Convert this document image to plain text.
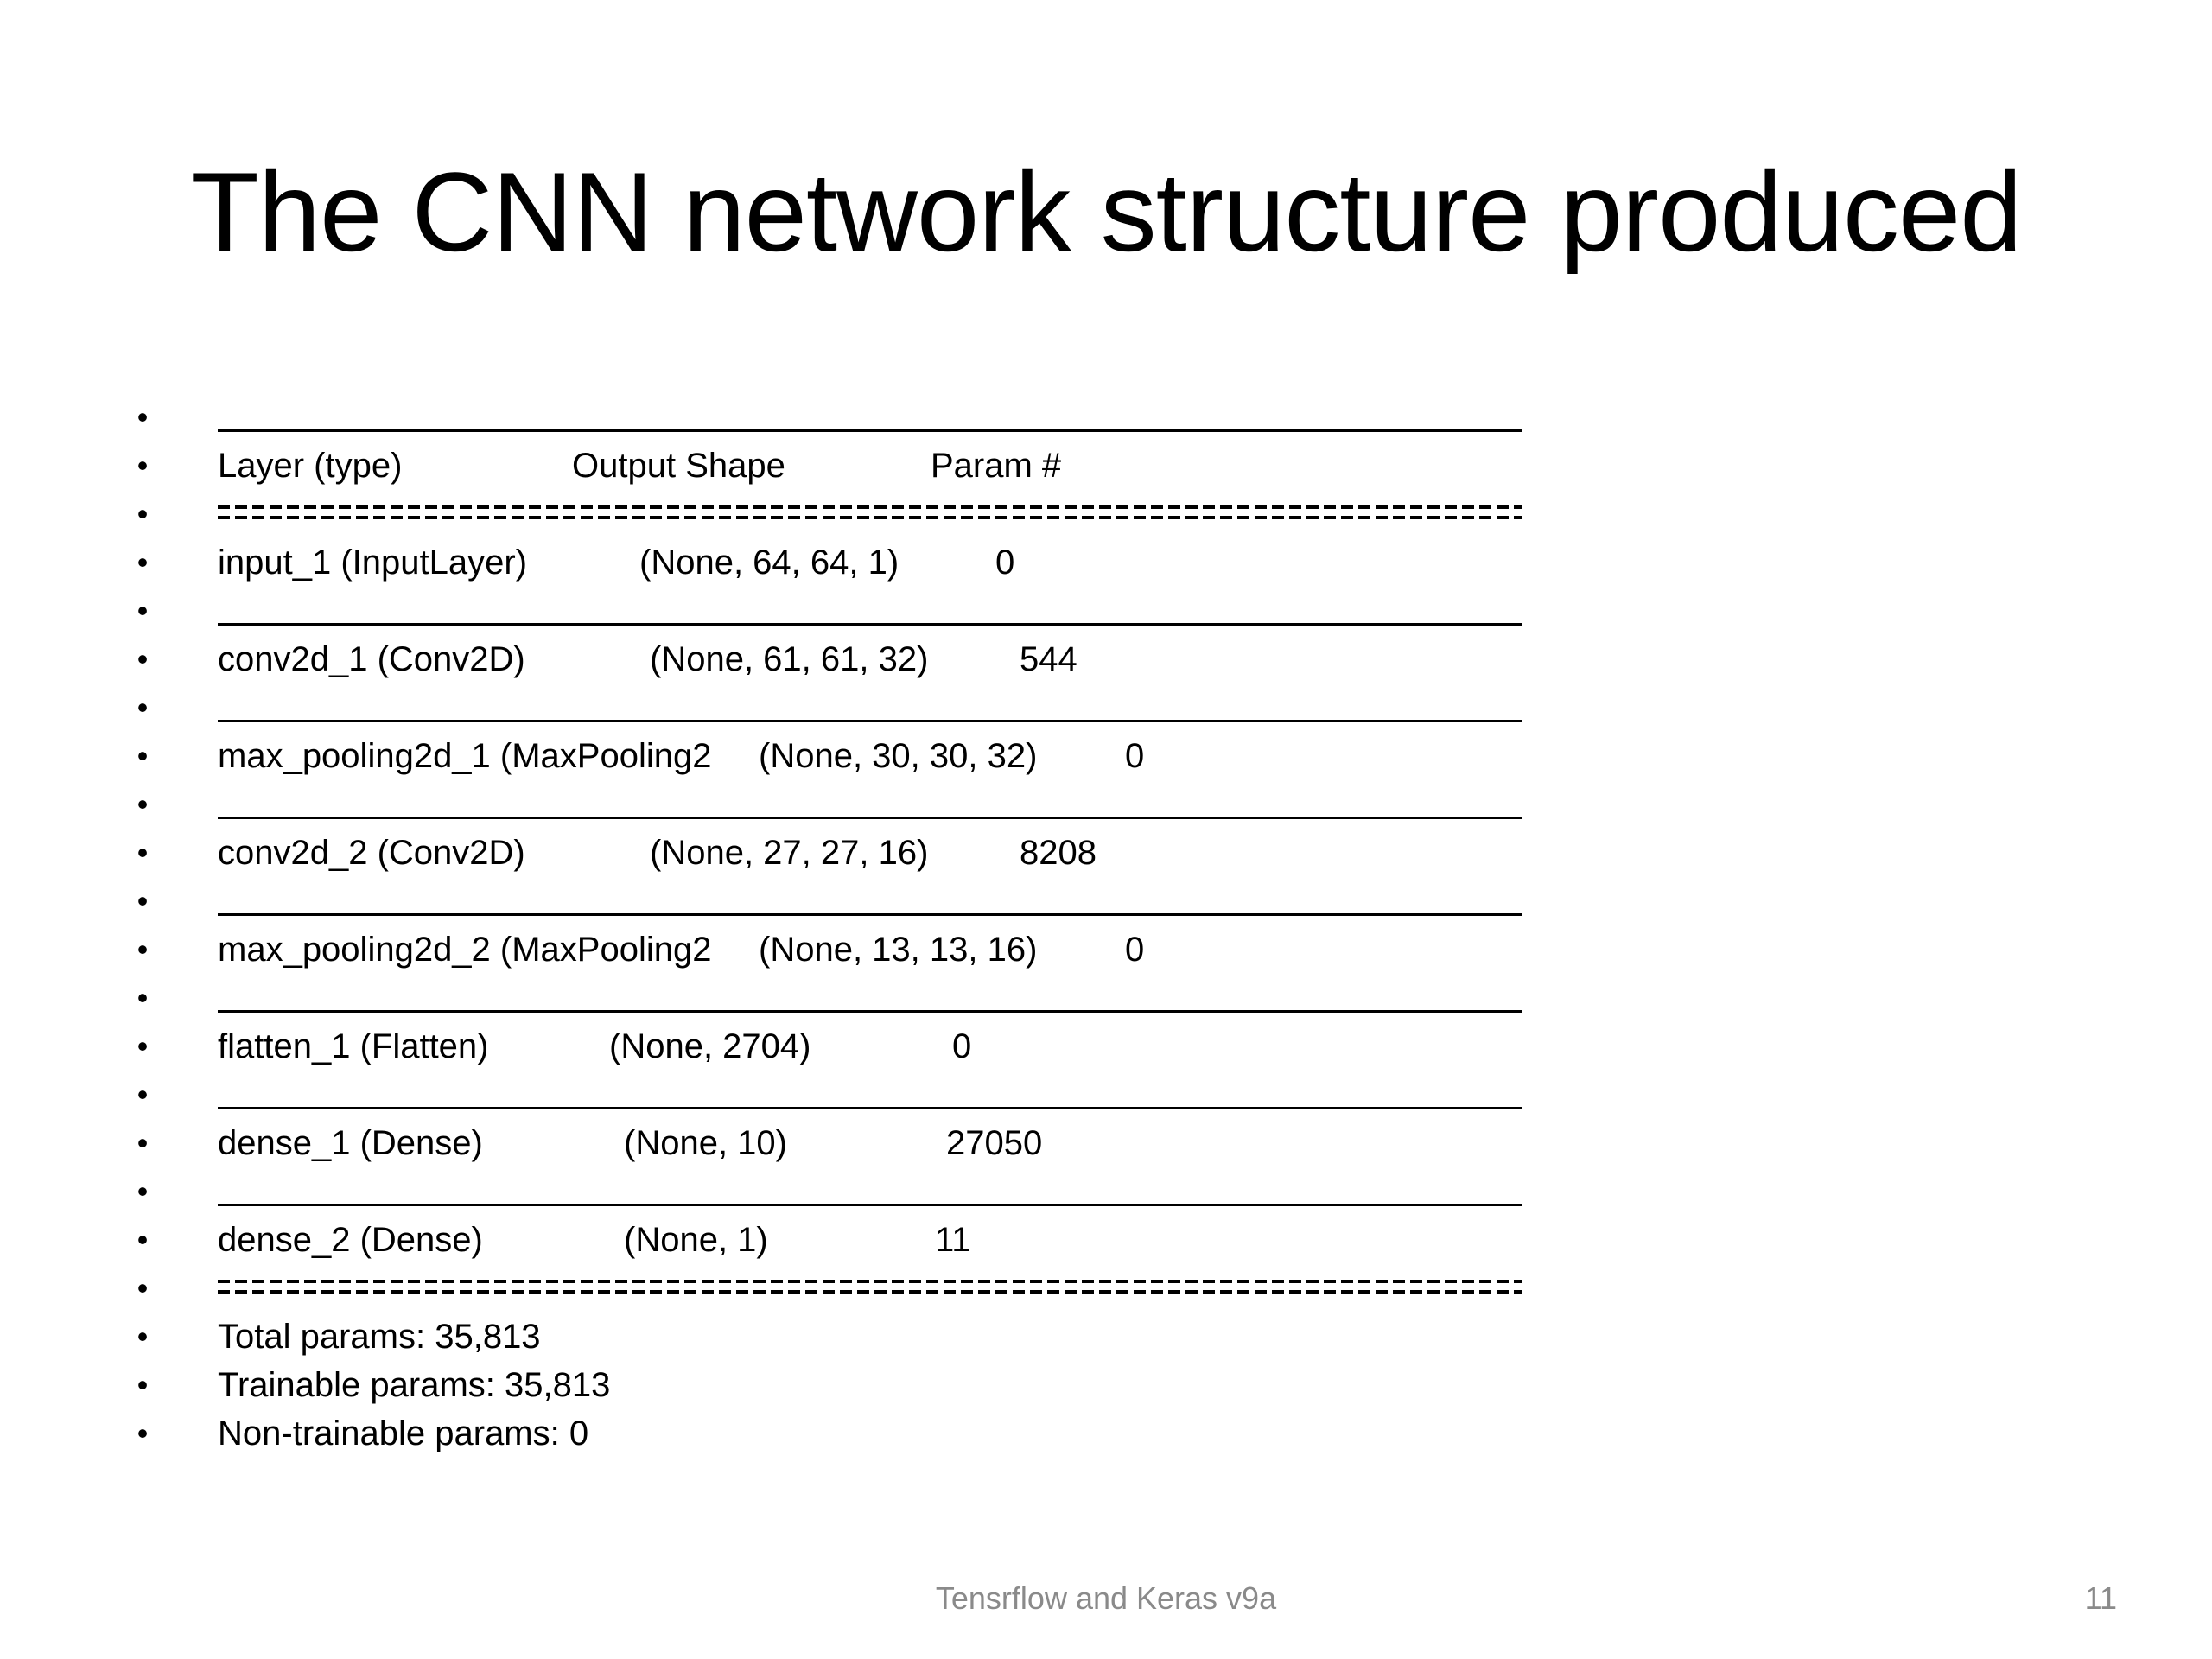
The CNN network structure produced
•
• Layer (type)	Output Shape	Param #
•
• input_1 (InputLayer)	(None, 64, 64, 1)	0
•
• conv2d_1 (Conv2D)	(None, 61, 61, 32)	544
•
• max_pooling2d_1 (MaxPooling2 (None, 30, 30, 32)	0
•
• conv2d_2 (Conv2D)	(None, 27, 27, 16)	8208
•
• max_pooling2d_2 (MaxPooling2 (None, 13, 13, 16)	0
•
• flatten_1 (Flatten)	(None, 2704)	0
•
• dense_1 (Dense)	(None, 10)	27050
•
• dense_2 (Dense)	(None, 1)	11
•
• Total params: 35,813
• Trainable params: 35,813
• Non-trainable params: 0
Tensrflow and Keras v9a	11
